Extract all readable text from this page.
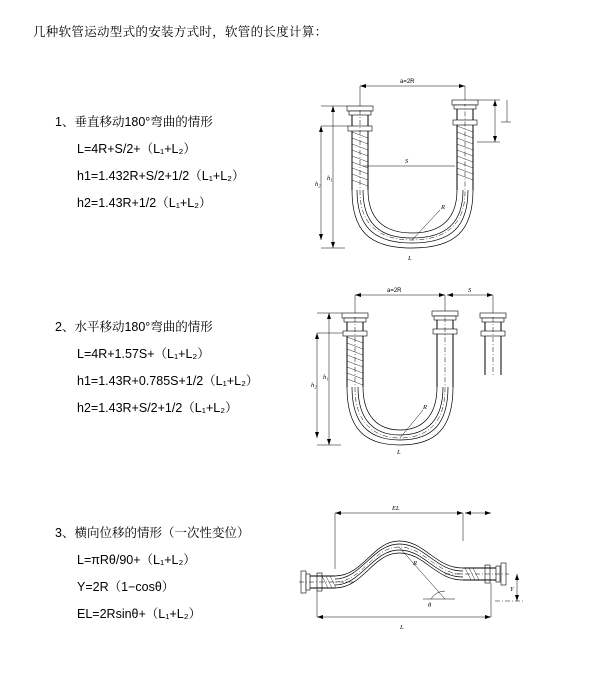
几种软管运动型式的安装方式时，软管的长度计算：

1、垂直移动180°弯曲的情形

L=4R+S/2+（L₁+L₂）

h1=1.432R+S/2+1/2（L₁+L₂）

h2=1.43R+1/2（L₁+L₂）

a=2R
S
R
h₁
h₂
L

2、水平移动180°弯曲的情形

L=4R+1.57S+（L₁+L₂）

h1=1.43R+0.785S+1/2（L₁+L₂）

h2=1.43R+S/2+1/2（L₁+L₂）

a=2R	S
R
h₁
h₂
L

3、横向位移的情形（一次性变位）

L=πRθ/90+（L₁+L₂）

Y=2R（1−cosθ）

EL=2Rsinθ+（L₁+L₂）

EL
R
θ
Y
L
